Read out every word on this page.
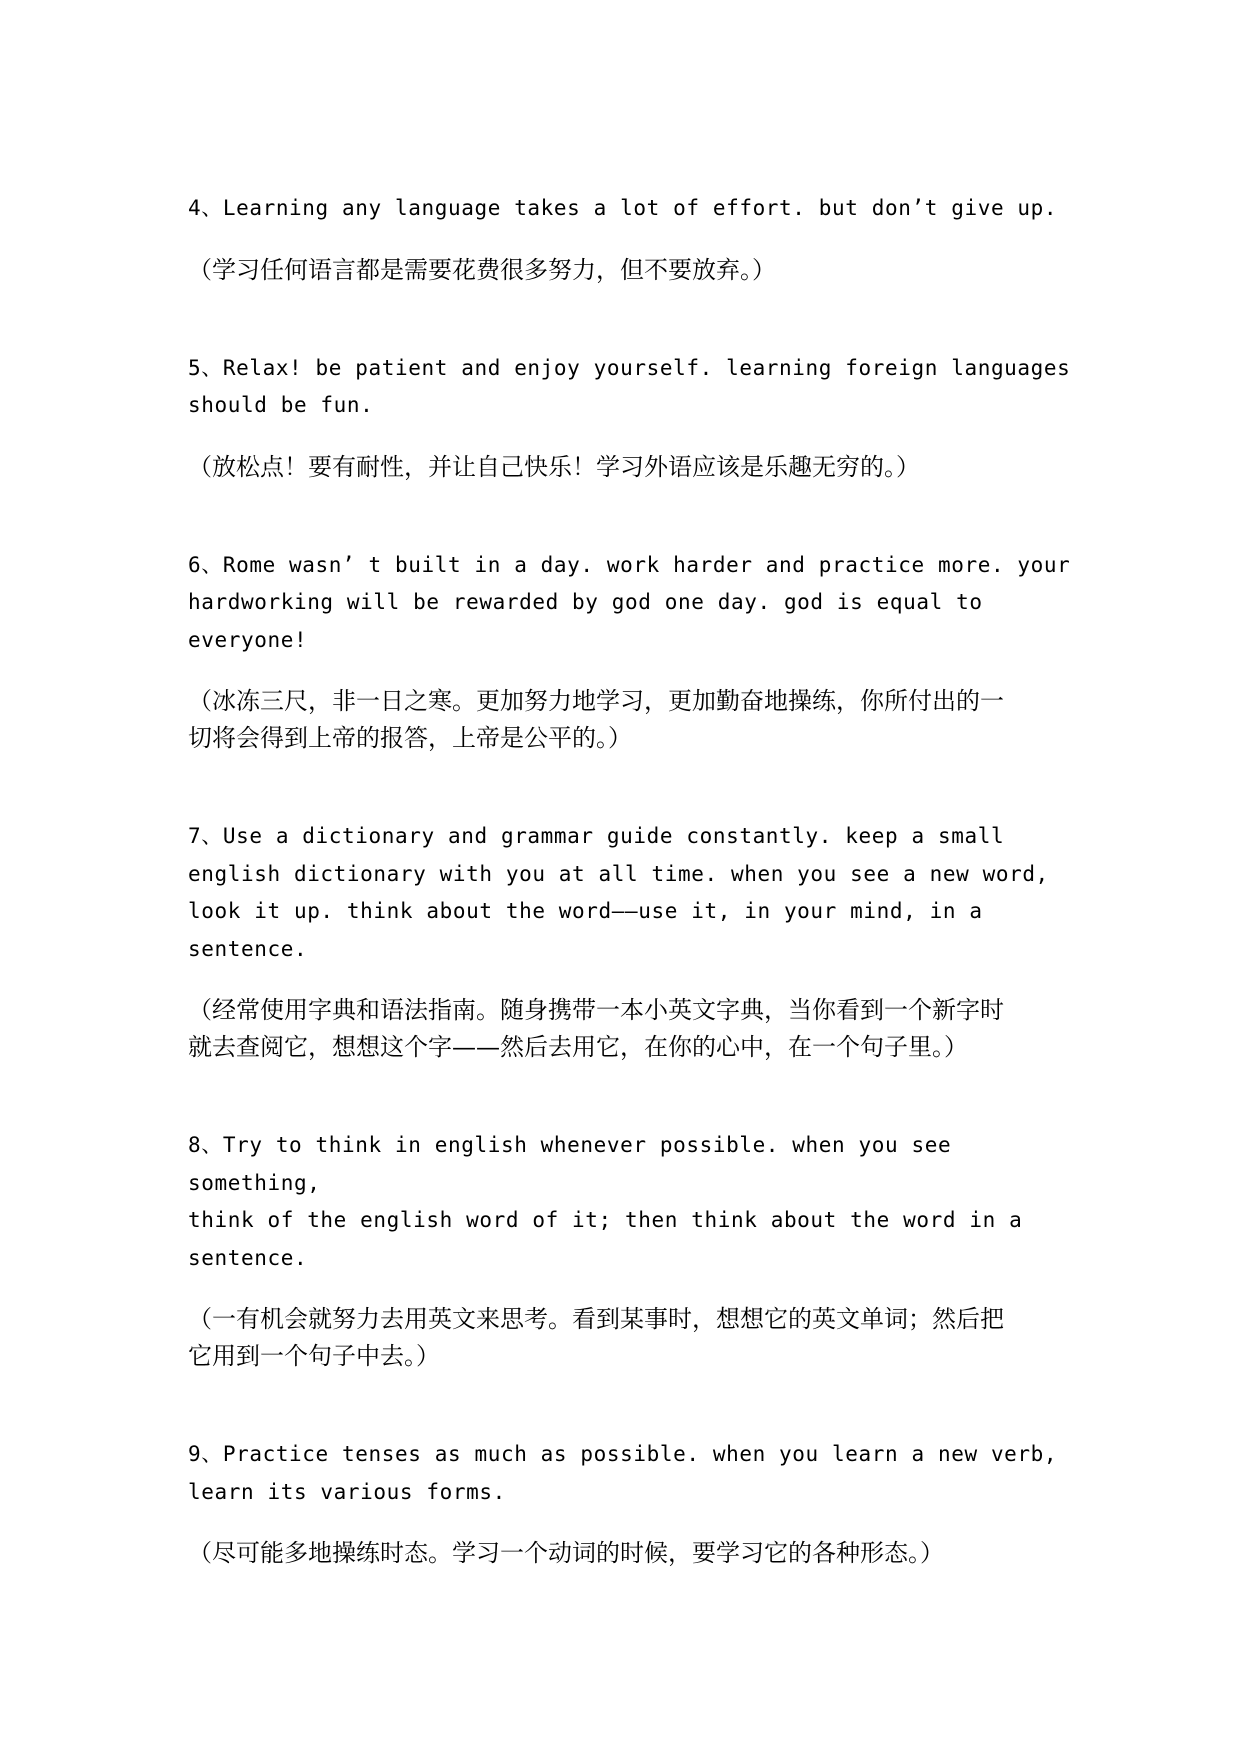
4、Learning any language takes a lot of effort. but don’t give up.

（学习任何语言都是需要花费很多努力，但不要放弃。）

5、Relax! be patient and enjoy yourself. learning foreign languages

should be fun.

（放松点！要有耐性，并让自己快乐！学习外语应该是乐趣无穷的。）

6、Rome wasn’ t built in a day. work harder and practice more. your

hardworking will be rewarded by god one day. god is equal to everyone!

（冰冻三尺，非一日之寒。更加努力地学习，更加勤奋地操练，你所付出的一

切将会得到上帝的报答，上帝是公平的。）

7、Use a dictionary and grammar guide constantly. keep a small

english dictionary with you at all time. when you see a new word,

look it up. think about the word——use it, in your mind, in a

sentence.

（经常使用字典和语法指南。随身携带一本小英文字典，当你看到一个新字时

就去查阅它，想想这个字——然后去用它，在你的心中，在一个句子里。）

8、Try to think in english whenever possible. when you see something,

think of the english word of it; then think about the word in a

sentence.

（一有机会就努力去用英文来思考。看到某事时，想想它的英文单词；然后把

它用到一个句子中去。）

9、Practice tenses as much as possible. when you learn a new verb,

learn its various forms.

（尽可能多地操练时态。学习一个动词的时候，要学习它的各种形态。）
